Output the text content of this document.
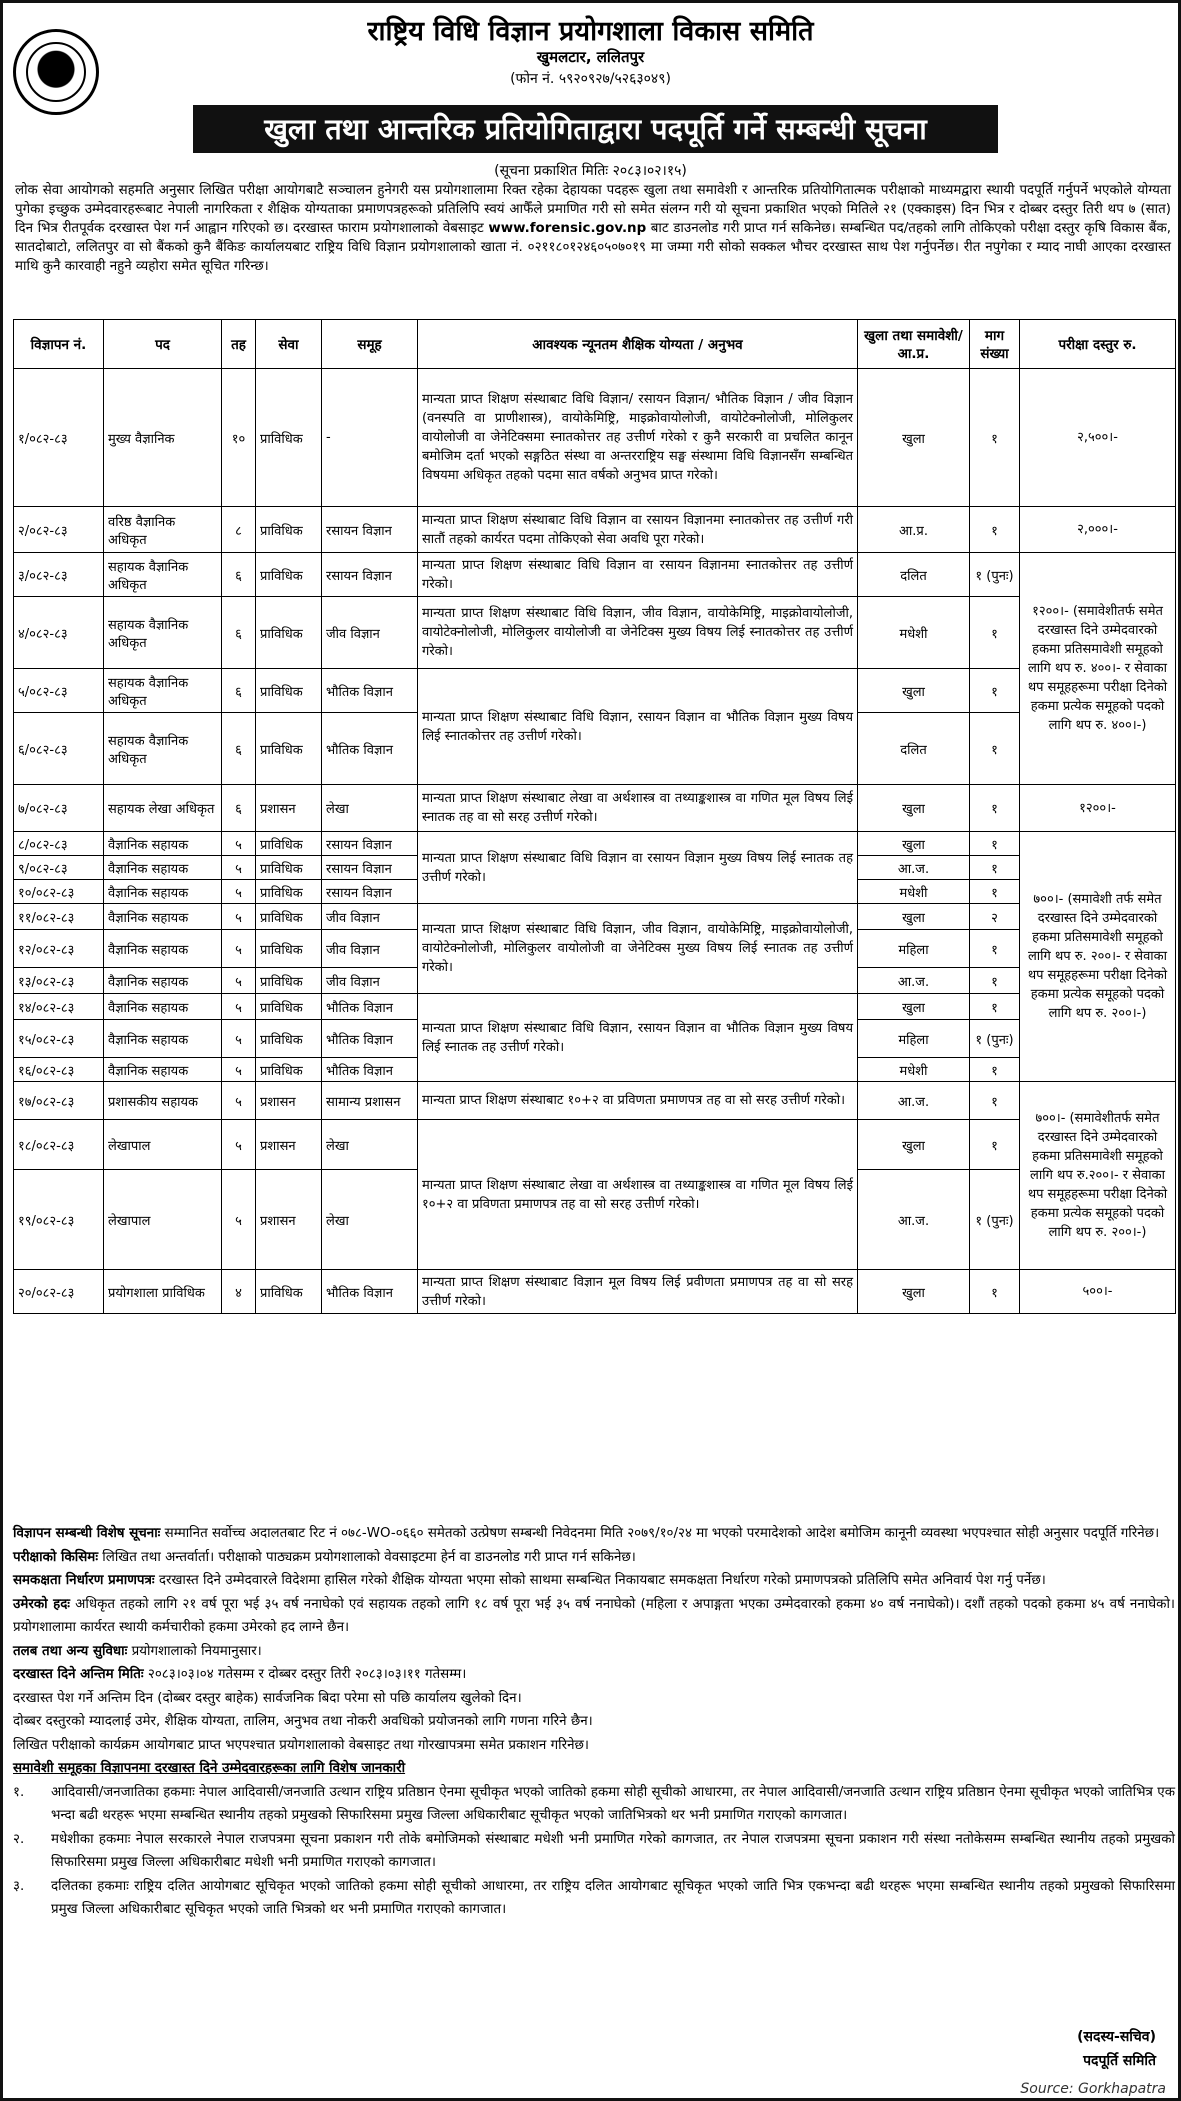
राष्ट्रिय विधि विज्ञान प्रयोगशाला विकास समिति
खुमलटार, ललितपुर
(फोन नं. ५९२०९२७/५२६३०४९)
खुला तथा आन्तरिक प्रतियोगिताद्वारा पदपूर्ति गर्ने सम्बन्धी सूचना
(सूचना प्रकाशित मितिः २०८३।०२।१५)

लोक सेवा आयोगको सहमति अनुसार लिखित परीक्षा आयोगबाटै सञ्चालन हुनेगरी यस प्रयोगशालामा रिक्त रहेका देहायका पदहरू खुला तथा समावेशी र आन्तरिक प्रतियोगितात्मक परीक्षाको माध्यमद्वारा स्थायी पदपूर्ति गर्नुपर्ने भएकोले योग्यता पुगेका इच्छुक उम्मेदवारहरूबाट नेपाली नागरिकता र शैक्षिक योग्यताका प्रमाणपत्रहरूको प्रतिलिपि स्वयं आफैँले प्रमाणित गरी सो समेत संलग्न गरी यो सूचना प्रकाशित भएको मितिले २१ (एक्काइस) दिन भित्र र दोब्बर दस्तुर तिरी थप ७ (सात) दिन भित्र रीतपूर्वक दरखास्त पेश गर्न आह्वान गरिएको छ। दरखास्त फाराम प्रयोगशालाको वेबसाइट www.forensic.gov.np बाट डाउनलोड गरी प्राप्त गर्न सकिनेछ। सम्बन्धित पद/तहको लागि तोकिएको परीक्षा दस्तुर कृषि विकास बैंक, सातदोबाटो, ललितपुर वा सो बैंकको कुनै बैंकिङ कार्यालयबाट राष्ट्रिय विधि विज्ञान प्रयोगशालाको खाता नं. ०२११८०१२४६०५०७०१९ मा जम्मा गरी सोको सक्कल भौचर दरखास्त साथ पेश गर्नुपर्नेछ। रीत नपुगेका र म्याद नाघी आएका दरखास्त माथि कुनै कारवाही नहुने व्यहोरा समेत सूचित गरिन्छ।

विज्ञापन नं.	पद	तह	सेवा	समूह	आवश्यक न्यूनतम शैक्षिक योग्यता / अनुभव	खुला तथा समावेशी/ आ.प्र.	माग संख्या	परीक्षा दस्तुर रु.
१/०८२-८३	मुख्य वैज्ञानिक	१०	प्राविधिक	-	मान्यता प्राप्त शिक्षण संस्थाबाट विधि विज्ञान/ रसायन विज्ञान/ भौतिक विज्ञान / जीव विज्ञान (वनस्पति वा प्राणीशास्त्र), वायोकेमिष्ट्रि, माइक्रोवायोलोजी, वायोटेक्नोलोजी, मोलिकुलर वायोलोजी वा जेनेटिक्समा स्नातकोत्तर तह उत्तीर्ण गरेको र कुनै सरकारी वा प्रचलित कानून बमोजिम दर्ता भएको सङ्गठित संस्था वा अन्तरराष्ट्रिय सङ्घ संस्थामा विधि विज्ञानसँग सम्बन्धित विषयमा अधिकृत तहको पदमा सात वर्षको अनुभव प्राप्त गरेको।	खुला	१	२,५००।-
२/०८२-८३	वरिष्ठ वैज्ञानिक अधिकृत	८	प्राविधिक	रसायन विज्ञान	मान्यता प्राप्त शिक्षण संस्थाबाट विधि विज्ञान वा रसायन विज्ञानमा स्नातकोत्तर तह उत्तीर्ण गरी सातौं तहको कार्यरत पदमा तोकिएको सेवा अवधि पूरा गरेको।	आ.प्र.	१	२,०००।-
३/०८२-८३	सहायक वैज्ञानिक अधिकृत	६	प्राविधिक	रसायन विज्ञान	मान्यता प्राप्त शिक्षण संस्थाबाट विधि विज्ञान वा रसायन विज्ञानमा स्नातकोत्तर तह उत्तीर्ण गरेको।	दलित	१ (पुनः)	१२००।- (समावेशीतर्फ समेत दरखास्त दिने उम्मेदवारको हकमा प्रतिसमावेशी समूहको लागि थप रु. ४००।- र सेवाका थप समूहहरूमा परीक्षा दिनेको हकमा प्रत्येक समूहको पदको लागि थप रु. ४००।-)
४/०८२-८३	सहायक वैज्ञानिक अधिकृत	६	प्राविधिक	जीव विज्ञान	मान्यता प्राप्त शिक्षण संस्थाबाट विधि विज्ञान, जीव विज्ञान, वायोकेमिष्ट्रि, माइक्रोवायोलोजी, वायोटेक्नोलोजी, मोलिकुलर वायोलोजी वा जेनेटिक्स मुख्य विषय लिई स्नातकोत्तर तह उत्तीर्ण गरेको।	मधेशी	१	
५/०८२-८३	सहायक वैज्ञानिक अधिकृत	६	प्राविधिक	भौतिक विज्ञान	मान्यता प्राप्त शिक्षण संस्थाबाट विधि विज्ञान, रसायन विज्ञान वा भौतिक विज्ञान मुख्य विषय लिई स्नातकोत्तर तह उत्तीर्ण गरेको।	खुला	१	
६/०८२-८३	सहायक वैज्ञानिक अधिकृत	६	प्राविधिक	भौतिक विज्ञान		दलित	१	
७/०८२-८३	सहायक लेखा अधिकृत	६	प्रशासन	लेखा	मान्यता प्राप्त शिक्षण संस्थाबाट लेखा वा अर्थशास्त्र वा तथ्याङ्कशास्त्र वा गणित मूल विषय लिई स्नातक तह वा सो सरह उत्तीर्ण गरेको।	खुला	१	१२००।-
८/०८२-८३	वैज्ञानिक सहायक	५	प्राविधिक	रसायन विज्ञान	मान्यता प्राप्त शिक्षण संस्थाबाट विधि विज्ञान वा रसायन विज्ञान मुख्य विषय लिई स्नातक तह उत्तीर्ण गरेको।	खुला	१	७००।- (समावेशी तर्फ समेत दरखास्त दिने उम्मेदवारको हकमा प्रतिसमावेशी समूहको लागि थप रु. २००।- र सेवाका थप समूहहरूमा परीक्षा दिनेको हकमा प्रत्येक समूहको पदको लागि थप रु. २००।-)
९/०८२-८३	वैज्ञानिक सहायक	५	प्राविधिक	रसायन विज्ञान		आ.ज.	१	
१०/०८२-८३	वैज्ञानिक सहायक	५	प्राविधिक	रसायन विज्ञान		मधेशी	१	
११/०८२-८३	वैज्ञानिक सहायक	५	प्राविधिक	जीव विज्ञान	मान्यता प्राप्त शिक्षण संस्थाबाट विधि विज्ञान, जीव विज्ञान, वायोकेमिष्ट्रि, माइक्रोवायोलोजी, वायोटेक्नोलोजी, मोलिकुलर वायोलोजी वा जेनेटिक्स मुख्य विषय लिई स्नातक तह उत्तीर्ण गरेको।	खुला	२	
१२/०८२-८३	वैज्ञानिक सहायक	५	प्राविधिक	जीव विज्ञान		महिला	१	
१३/०८२-८३	वैज्ञानिक सहायक	५	प्राविधिक	जीव विज्ञान		आ.ज.	१	
१४/०८२-८३	वैज्ञानिक सहायक	५	प्राविधिक	भौतिक विज्ञान	मान्यता प्राप्त शिक्षण संस्थाबाट विधि विज्ञान, रसायन विज्ञान वा भौतिक विज्ञान मुख्य विषय लिई स्नातक तह उत्तीर्ण गरेको।	खुला	१	
१५/०८२-८३	वैज्ञानिक सहायक	५	प्राविधिक	भौतिक विज्ञान		महिला	१ (पुनः)	
१६/०८२-८३	वैज्ञानिक सहायक	५	प्राविधिक	भौतिक विज्ञान		मधेशी	१	
१७/०८२-८३	प्रशासकीय सहायक	५	प्रशासन	सामान्य प्रशासन	मान्यता प्राप्त शिक्षण संस्थाबाट १०+२ वा प्रविणता प्रमाणपत्र तह वा सो सरह उत्तीर्ण गरेको।	आ.ज.	१	७००।- (समावेशीतर्फ समेत दरखास्त दिने उम्मेदवारको हकमा प्रतिसमावेशी समूहको लागि थप रु.२००।- र सेवाका थप समूहहरूमा परीक्षा दिनेको हकमा प्रत्येक समूहको पदको लागि थप रु. २००।-)
१८/०८२-८३	लेखापाल	५	प्रशासन	लेखा	मान्यता प्राप्त शिक्षण संस्थाबाट लेखा वा अर्थशास्त्र वा तथ्याङ्कशास्त्र वा गणित मूल विषय लिई १०+२ वा प्रविणता प्रमाणपत्र तह वा सो सरह उत्तीर्ण गरेको।	खुला	१	
१९/०८२-८३	लेखापाल	५	प्रशासन	लेखा		आ.ज.	१ (पुनः)	
२०/०८२-८३	प्रयोगशाला प्राविधिक	४	प्राविधिक	भौतिक विज्ञान	मान्यता प्राप्त शिक्षण संस्थाबाट विज्ञान मूल विषय लिई प्रवीणता प्रमाणपत्र तह वा सो सरह उत्तीर्ण गरेको।	खुला	१	५००।-

विज्ञापन सम्बन्धी विशेष सूचनाः सम्मानित सर्वोच्च अदालतबाट रिट नं ०७८-WO-०६६० समेतको उत्प्रेषण सम्बन्धी निवेदनमा मिति २०७९/१०/२४ मा भएको परमादेशको आदेश बमोजिम कानूनी व्यवस्था भएपश्चात सोही अनुसार पदपूर्ति गरिनेछ।

परीक्षाको किसिमः लिखित तथा अन्तर्वार्ता। परीक्षाको पाठ्यक्रम प्रयोगशालाको वेवसाइटमा हेर्न वा डाउनलोड गरी प्राप्त गर्न सकिनेछ।

समकक्षता निर्धारण प्रमाणपत्रः दरखास्त दिने उम्मेदवारले विदेशमा हासिल गरेको शैक्षिक योग्यता भएमा सोको साथमा सम्बन्धित निकायबाट समकक्षता निर्धारण गरेको प्रमाणपत्रको प्रतिलिपि समेत अनिवार्य पेश गर्नु पर्नेछ।

उमेरको हदः अधिकृत तहको लागि २१ वर्ष पूरा भई ३५ वर्ष ननाघेको एवं सहायक तहको लागि १८ वर्ष पूरा भई ३५ वर्ष ननाघेको (महिला र अपाङ्गता भएका उम्मेदवारको हकमा ४० वर्ष ननाघेको)। दशौं तहको पदको हकमा ४५ वर्ष ननाघेको। प्रयोगशालामा कार्यरत स्थायी कर्मचारीको हकमा उमेरको हद लाग्ने छैन।

तलब तथा अन्य सुविधाः प्रयोगशालाको नियमानुसार।

दरखास्त दिने अन्तिम मितिः २०८३।०३।०४ गतेसम्म र दोब्बर दस्तुर तिरी २०८३।०३।११ गतेसम्म।

दरखास्त पेश गर्ने अन्तिम दिन (दोब्बर दस्तुर बाहेक) सार्वजनिक बिदा परेमा सो पछि कार्यालय खुलेको दिन।

दोब्बर दस्तुरको म्यादलाई उमेर, शैक्षिक योग्यता, तालिम, अनुभव तथा नोकरी अवधिको प्रयोजनको लागि गणना गरिने छैन।

लिखित परीक्षाको कार्यक्रम आयोगबाट प्राप्त भएपश्चात प्रयोगशालाको वेबसाइट तथा गोरखापत्रमा समेत प्रकाशन गरिनेछ।

समावेशी समूहका विज्ञापनमा दरखास्त दिने उम्मेदवारहरूका लागि विशेष जानकारी

१.	आदिवासी/जनजातिका हकमाः नेपाल आदिवासी/जनजाति उत्थान राष्ट्रिय प्रतिष्ठान ऐनमा सूचीकृत भएको जातिको हकमा सोही सूचीको आधारमा, तर नेपाल आदिवासी/जनजाति उत्थान राष्ट्रिय प्रतिष्ठान ऐनमा सूचीकृत भएको जातिभित्र एक भन्दा बढी थरहरू भएमा सम्बन्धित स्थानीय तहको प्रमुखको सिफारिसमा प्रमुख जिल्ला अधिकारीबाट सूचीकृत भएको जातिभित्रको थर भनी प्रमाणित गराएको कागजात।
२.	मधेशीका हकमाः नेपाल सरकारले नेपाल राजपत्रमा सूचना प्रकाशन गरी तोके बमोजिमको संस्थाबाट मधेशी भनी प्रमाणित गरेको कागजात, तर नेपाल राजपत्रमा सूचना प्रकाशन गरी संस्था नतोकेसम्म सम्बन्धित स्थानीय तहको प्रमुखको सिफारिसमा प्रमुख जिल्ला अधिकारीबाट मधेशी भनी प्रमाणित गराएको कागजात।
३.	दलितका हकमाः राष्ट्रिय दलित आयोगबाट सूचिकृत भएको जातिको हकमा सोही सूचीको आधारमा, तर राष्ट्रिय दलित आयोगबाट सूचिकृत भएको जाति भित्र एकभन्दा बढी थरहरू भएमा सम्बन्धित स्थानीय तहको प्रमुखको सिफारिसमा प्रमुख जिल्ला अधिकारीबाट सूचिकृत भएको जाति भित्रको थर भनी प्रमाणित गराएको कागजात।
(सदस्य-सचिव)
पदपूर्ति समिति
Source: Gorkhapatra
